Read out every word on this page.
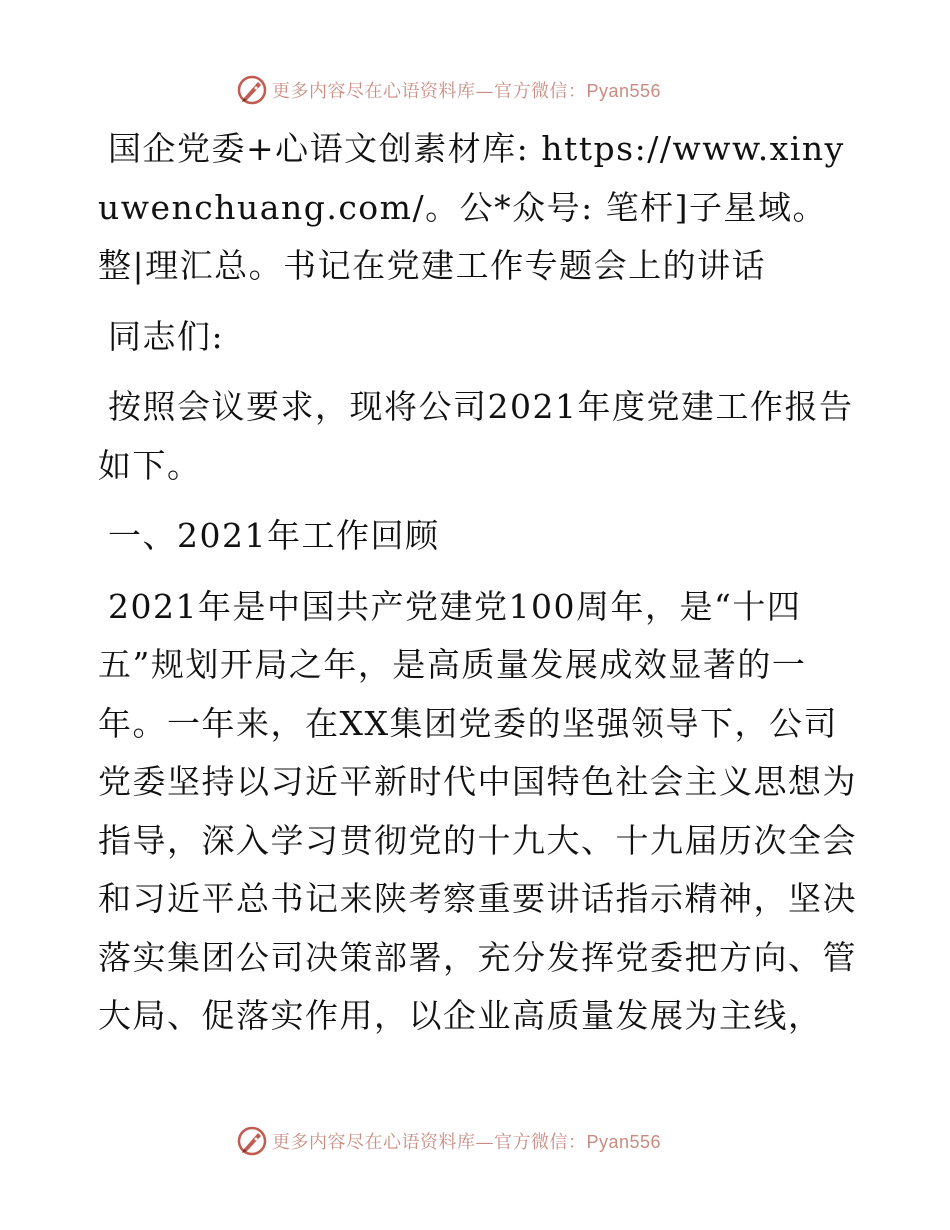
更多内容尽在心语资料库—官方微信：Pyan556

国企党委+心语文创素材库: https://www.xinyuwenchuang.com/。公*众号: 笔杆]子星域。整|理汇总。书记在党建工作专题会上的讲话

同志们:

按照会议要求，现将公司2021年度党建工作报告如下。

一、2021年工作回顾

2021年是中国共产党建党100周年，是“十四五”规划开局之年，是高质量发展成效显著的一年。一年来，在XX集团党委的坚强领导下，公司党委坚持以习近平新时代中国特色社会主义思想为指导，深入学习贯彻党的十九大、十九届历次全会和习近平总书记来陕考察重要讲话指示精神，坚决落实集团公司决策部署，充分发挥党委把方向、管大局、促落实作用，以企业高质量发展为主线，

更多内容尽在心语资料库—官方微信：Pyan556
